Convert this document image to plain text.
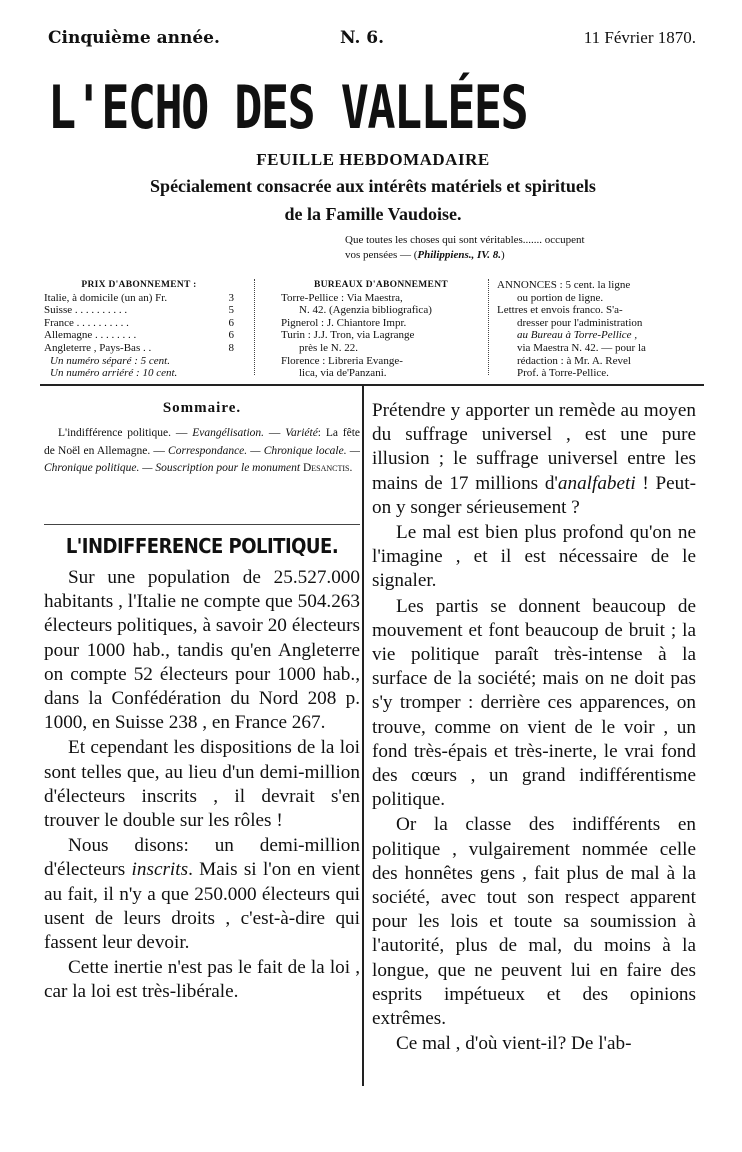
Cinquième année.	N. 6.	11 Février 1870.
L'ECHO DES VALLÉES
FEUILLE HEBDOMADAIRE
Spécialement consacrée aux intérêts matériels et spirituels
de la Famille Vaudoise.
Que toutes les choses qui sont véritables....... occupent
vos pensées — (Philippiens., IV. 8.)
PRIX D'ABONNEMENT :
Italie, à domicile (un an) Fr.	3
Suisse . . . . . . . . . .	5
France . . . . . . . . . .	6
Allemagne . . . . . . . .	6
Angleterre , Pays-Bas . .	8
Un numéro séparé : 5 cent.
Un numéro arriéré : 10 cent.
BUREAUX D'ABONNEMENT
Torre-Pellice : Via Maestra,
N. 42. (Agenzia bibliografica)
Pignerol : J. Chiantore Impr.
Turin : J.J. Tron, via Lagrange
près le N. 22.
Florence : Libreria Evange-
lica, via de'Panzani.
ANNONCES : 5 cent. la ligne
ou portion de ligne.
Lettres et envois franco. S'a-
dresser pour l'administration
au Bureau à Torre-Pellice ,
via Maestra N. 42. — pour la
rédaction : à Mr. A. Revel
Prof. à Torre-Pellice.
Sommaire.
L'indifférence politique. — Evangélisation. — Variété: La fête de Noël en Allemagne. — Correspondance. — Chronique locale. — Chronique politique. — Souscription pour le monument Desanctis.
L'INDIFFERENCE POLITIQUE.

Sur une population de 25.527.000 habitants , l'Italie ne compte que 504.263 électeurs politiques, à savoir 20 électeurs pour 1000 hab., tandis qu'en Angleterre on compte 52 électeurs pour 1000 hab., dans la Confédération du Nord 208 p. 1000, en Suisse 238 , en France 267.

Et cependant les dispositions de la loi sont telles que, au lieu d'un demi-million d'électeurs inscrits , il devrait s'en trouver le double sur les rôles !

Nous disons: un demi-million d'électeurs inscrits. Mais si l'on en vient au fait, il n'y a que 250.000 électeurs qui usent de leurs droits , c'est-à-dire qui fassent leur devoir.

Cette inertie n'est pas le fait de la loi , car la loi est très-libérale.

Prétendre y apporter un remède au moyen du suffrage universel , est une pure illusion ; le suffrage universel entre les mains de 17 millions d'analfabeti ! Peut-on y songer sérieusement ?

Le mal est bien plus profond qu'on ne l'imagine , et il est nécessaire de le signaler.

Les partis se donnent beaucoup de mouvement et font beaucoup de bruit ; la vie politique paraît très-intense à la surface de la société; mais on ne doit pas s'y tromper : derrière ces apparences, on trouve, comme on vient de le voir , un fond très-épais et très-inerte, le vrai fond des cœurs , un grand indifférentisme politique.

Or la classe des indifférents en politique , vulgairement nommée celle des honnêtes gens , fait plus de mal à la société, avec tout son respect apparent pour les lois et toute sa soumission à l'autorité, plus de mal, du moins à la longue, que ne peuvent lui en faire des esprits impétueux et des opinions extrêmes.

Ce mal , d'où vient-il? De l'ab-
